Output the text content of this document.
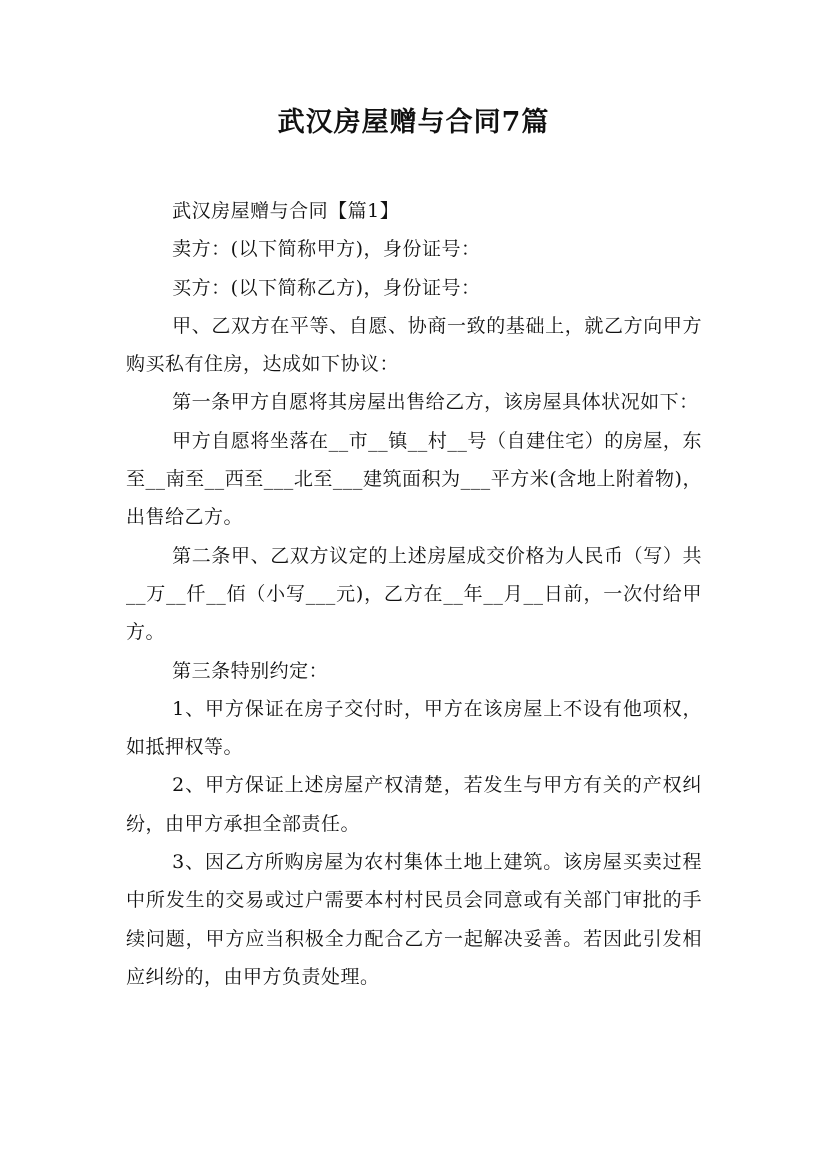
武汉房屋赠与合同7篇

武汉房屋赠与合同【篇1】

卖方：(以下简称甲方)，身份证号：

买方：(以下简称乙方)，身份证号：

甲、乙双方在平等、自愿、协商一致的基础上，就乙方向甲方购买私有住房，达成如下协议：

第一条甲方自愿将其房屋出售给乙方，该房屋具体状况如下：

甲方自愿将坐落在__市__镇__村__号（自建住宅）的房屋，东至__南至__西至___北至___建筑面积为___平方米(含地上附着物)，出售给乙方。

第二条甲、乙双方议定的上述房屋成交价格为人民币（写）共__万__仟__佰（小写___元)，乙方在__年__月__日前，一次付给甲方。

第三条特别约定：

1、甲方保证在房子交付时，甲方在该房屋上不设有他项权，如抵押权等。

2、甲方保证上述房屋产权清楚，若发生与甲方有关的产权纠纷，由甲方承担全部责任。

3、因乙方所购房屋为农村集体土地上建筑。该房屋买卖过程中所发生的交易或过户需要本村村民员会同意或有关部门审批的手续问题，甲方应当积极全力配合乙方一起解决妥善。若因此引发相应纠纷的，由甲方负责处理。
